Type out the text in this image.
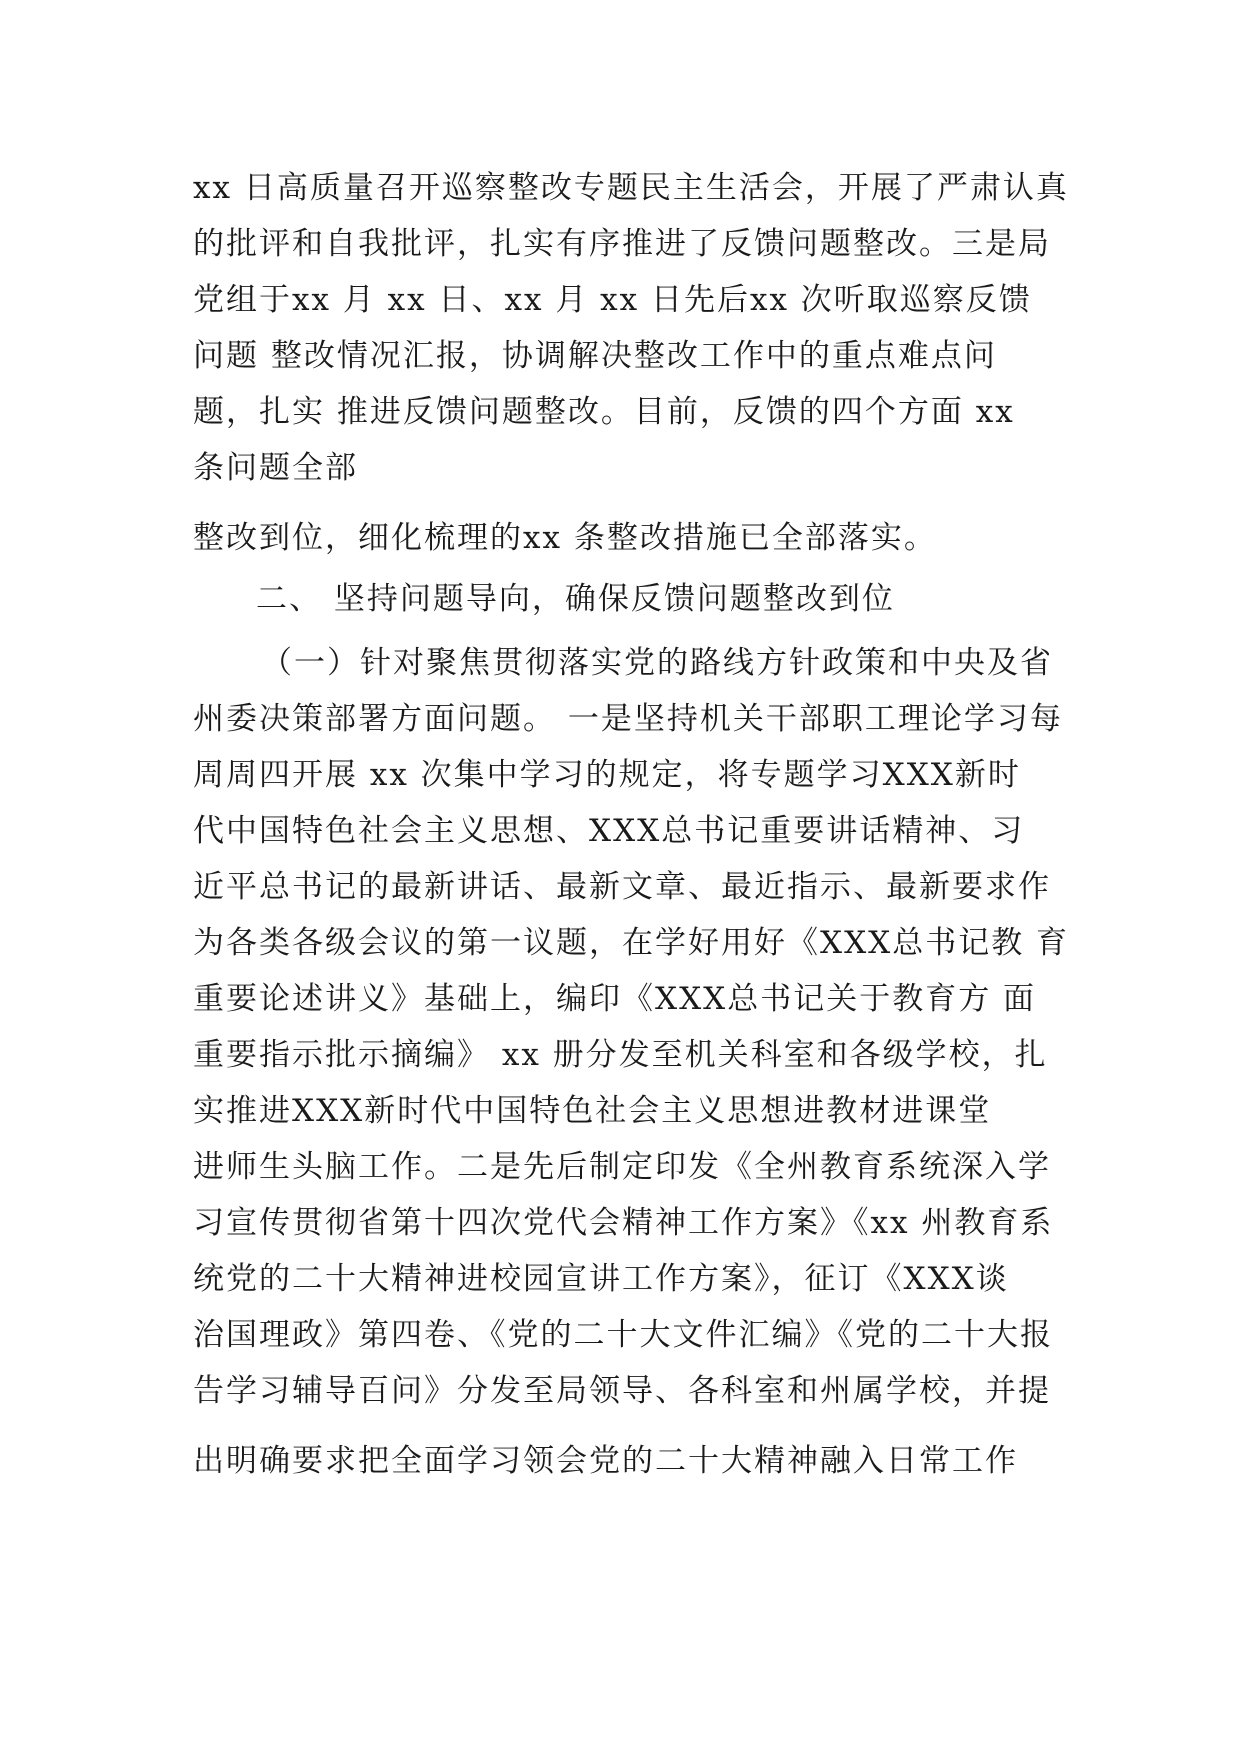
xx 日高质量召开巡察整改专题民主生活会，开展了严肃认真
的批评和自我批评，扎实有序推进了反馈问题整改。三是局
党组于xx 月 xx 日、xx 月 xx 日先后xx 次听取巡察反馈
问题 整改情况汇报，协调解决整改工作中的重点难点问
题，扎实 推进反馈问题整改。目前，反馈的四个方面 xx
条问题全部
整改到位，细化梳理的xx 条整改措施已全部落实。
二、 坚持问题导向，确保反馈问题整改到位
（一）针对聚焦贯彻落实党的路线方针政策和中央及省
州委决策部署方面问题。 一是坚持机关干部职工理论学习每
周周四开展 xx 次集中学习的规定，将专题学习XXX新时
代中国特色社会主义思想、XXX总书记重要讲话精神、习
近平总书记的最新讲话、最新文章、最近指示、最新要求作
为各类各级会议的第一议题，在学好用好《XXX总书记教 育
重要论述讲义》基础上，编印《XXX总书记关于教育方 面
重要指示批示摘编》 xx 册分发至机关科室和各级学校，扎
实推进XXX新时代中国特色社会主义思想进教材进课堂
进师生头脑工作。二是先后制定印发《全州教育系统深入学
习宣传贯彻省第十四次党代会精神工作方案》《xx 州教育系
统党的二十大精神进校园宣讲工作方案》，征订《XXX谈
治国理政》第四卷、《党的二十大文件汇编》《党的二十大报
告学习辅导百问》分发至局领导、各科室和州属学校，并提
出明确要求把全面学习领会党的二十大精神融入日常工作
